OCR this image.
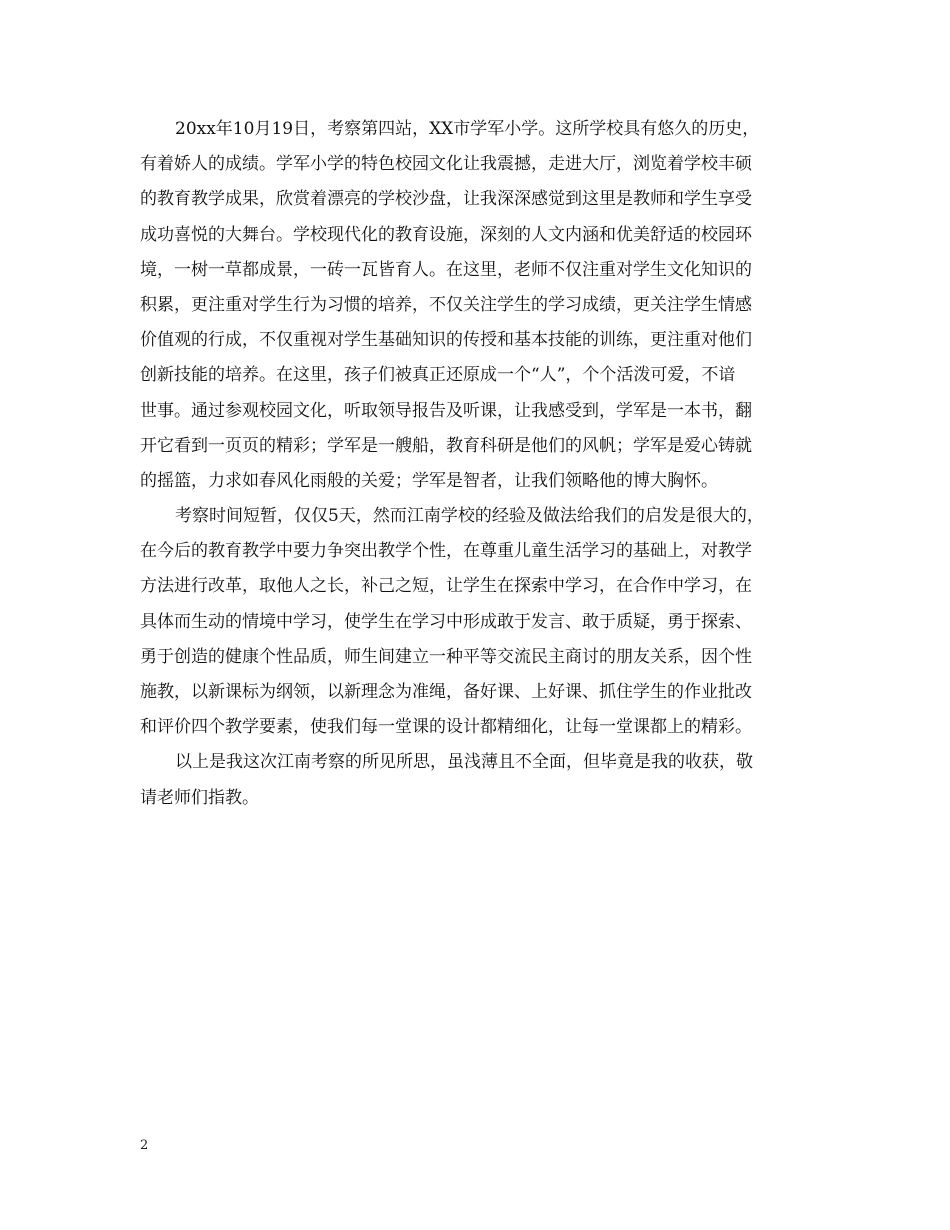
20xx年10月19日，考察第四站，XX市学军小学。这所学校具有悠久的历史，
有着娇人的成绩。学军小学的特色校园文化让我震撼，走进大厅，浏览着学校丰硕
的教育教学成果，欣赏着漂亮的学校沙盘，让我深深感觉到这里是教师和学生享受
成功喜悦的大舞台。学校现代化的教育设施，深刻的人文内涵和优美舒适的校园环
境，一树一草都成景，一砖一瓦皆育人。在这里，老师不仅注重对学生文化知识的
积累，更注重对学生行为习惯的培养，不仅关注学生的学习成绩，更关注学生情感
价值观的行成，不仅重视对学生基础知识的传授和基本技能的训练，更注重对他们
创新技能的培养。在这里，孩子们被真正还原成一个“人”，个个活泼可爱，不谙
世事。通过参观校园文化，听取领导报告及听课，让我感受到，学军是一本书，翻
开它看到一页页的精彩；学军是一艘船，教育科研是他们的风帆；学军是爱心铸就
的摇篮，力求如春风化雨般的关爱；学军是智者，让我们领略他的博大胸怀。

考察时间短暂，仅仅5天，然而江南学校的经验及做法给我们的启发是很大的，
在今后的教育教学中要力争突出教学个性，在尊重儿童生活学习的基础上，对教学
方法进行改革，取他人之长，补己之短，让学生在探索中学习，在合作中学习，在
具体而生动的情境中学习，使学生在学习中形成敢于发言、敢于质疑，勇于探索、
勇于创造的健康个性品质，师生间建立一种平等交流民主商讨的朋友关系，因个性
施教，以新课标为纲领，以新理念为准绳，备好课、上好课、抓住学生的作业批改
和评价四个教学要素，使我们每一堂课的设计都精细化，让每一堂课都上的精彩。

以上是我这次江南考察的所见所思，虽浅薄且不全面，但毕竟是我的收获，敬
请老师们指教。

2
